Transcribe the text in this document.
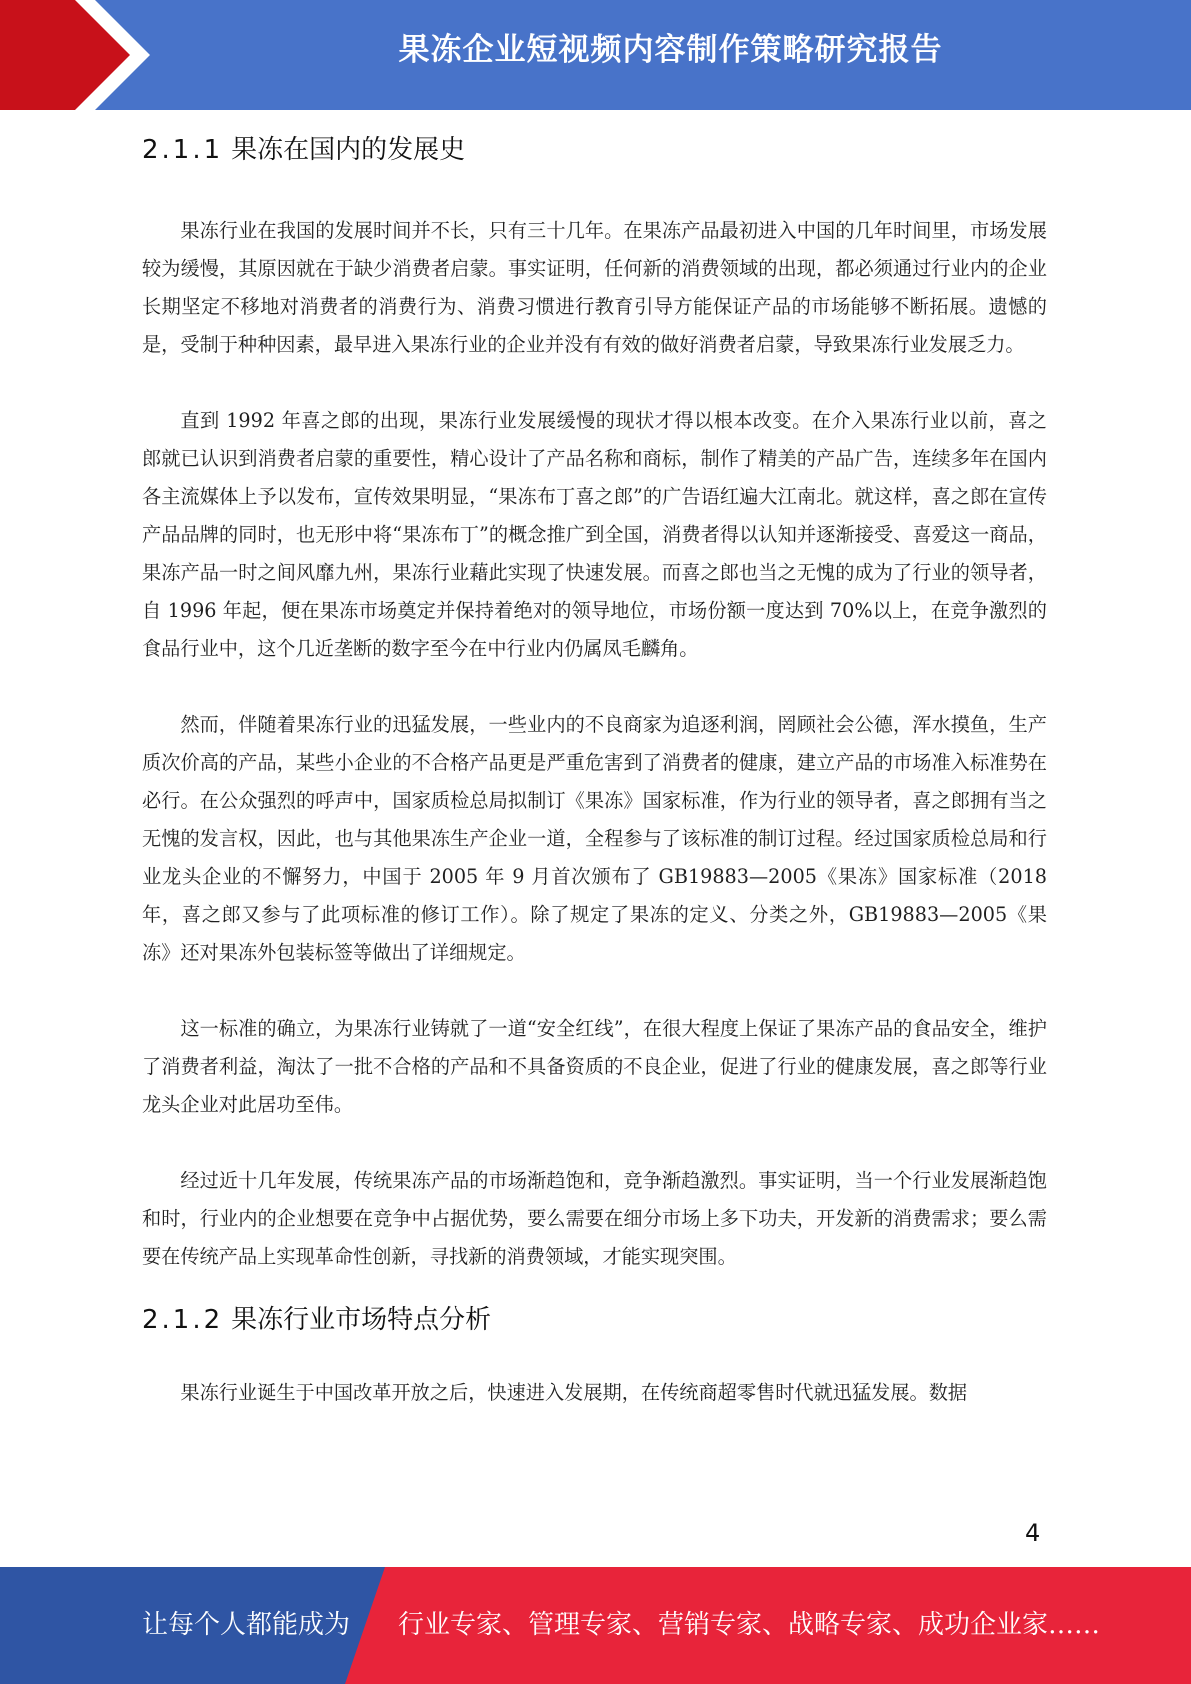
果冻企业短视频内容制作策略研究报告
2.1.1 果冻在国内的发展史

果冻行业在我国的发展时间并不长，只有三十几年。在果冻产品最初进入中国的几年时间里，市场发展较为缓慢，其原因就在于缺少消费者启蒙。事实证明，任何新的消费领域的出现，都必须通过行业内的企业长期坚定不移地对消费者的消费行为、消费习惯进行教育引导方能保证产品的市场能够不断拓展。遗憾的是，受制于种种因素，最早进入果冻行业的企业并没有有效的做好消费者启蒙，导致果冻行业发展乏力。

直到 1992 年喜之郎的出现，果冻行业发展缓慢的现状才得以根本改变。在介入果冻行业以前，喜之郎就已认识到消费者启蒙的重要性，精心设计了产品名称和商标，制作了精美的产品广告，连续多年在国内各主流媒体上予以发布，宣传效果明显，“果冻布丁喜之郎”的广告语红遍大江南北。就这样，喜之郎在宣传产品品牌的同时，也无形中将“果冻布丁”的概念推广到全国，消费者得以认知并逐渐接受、喜爱这一商品，果冻产品一时之间风靡九州，果冻行业藉此实现了快速发展。而喜之郎也当之无愧的成为了行业的领导者，自 1996 年起，便在果冻市场奠定并保持着绝对的领导地位，市场份额一度达到 70%以上，在竞争激烈的食品行业中，这个几近垄断的数字至今在中行业内仍属凤毛麟角。

然而，伴随着果冻行业的迅猛发展，一些业内的不良商家为追逐利润，罔顾社会公德，浑水摸鱼，生产质次价高的产品，某些小企业的不合格产品更是严重危害到了消费者的健康，建立产品的市场准入标准势在必行。在公众强烈的呼声中，国家质检总局拟制订《果冻》国家标准，作为行业的领导者，喜之郎拥有当之无愧的发言权，因此，也与其他果冻生产企业一道，全程参与了该标准的制订过程。经过国家质检总局和行业龙头企业的不懈努力，中国于 2005 年 9 月首次颁布了 GB19883—2005《果冻》国家标准（2018 年，喜之郎又参与了此项标准的修订工作）。除了规定了果冻的定义、分类之外，GB19883—2005《果冻》还对果冻外包装标签等做出了详细规定。

这一标准的确立，为果冻行业铸就了一道“安全红线”，在很大程度上保证了果冻产品的食品安全，维护了消费者利益，淘汰了一批不合格的产品和不具备资质的不良企业，促进了行业的健康发展，喜之郎等行业龙头企业对此居功至伟。

经过近十几年发展，传统果冻产品的市场渐趋饱和，竞争渐趋激烈。事实证明，当一个行业发展渐趋饱和时，行业内的企业想要在竞争中占据优势，要么需要在细分市场上多下功夫，开发新的消费需求；要么需要在传统产品上实现革命性创新，寻找新的消费领域，才能实现突围。

2.1.2 果冻行业市场特点分析

果冻行业诞生于中国改革开放之后，快速进入发展期，在传统商超零售时代就迅猛发展。数据

4
让每个人都能成为 行业专家、管理专家、营销专家、战略专家、成功企业家……
